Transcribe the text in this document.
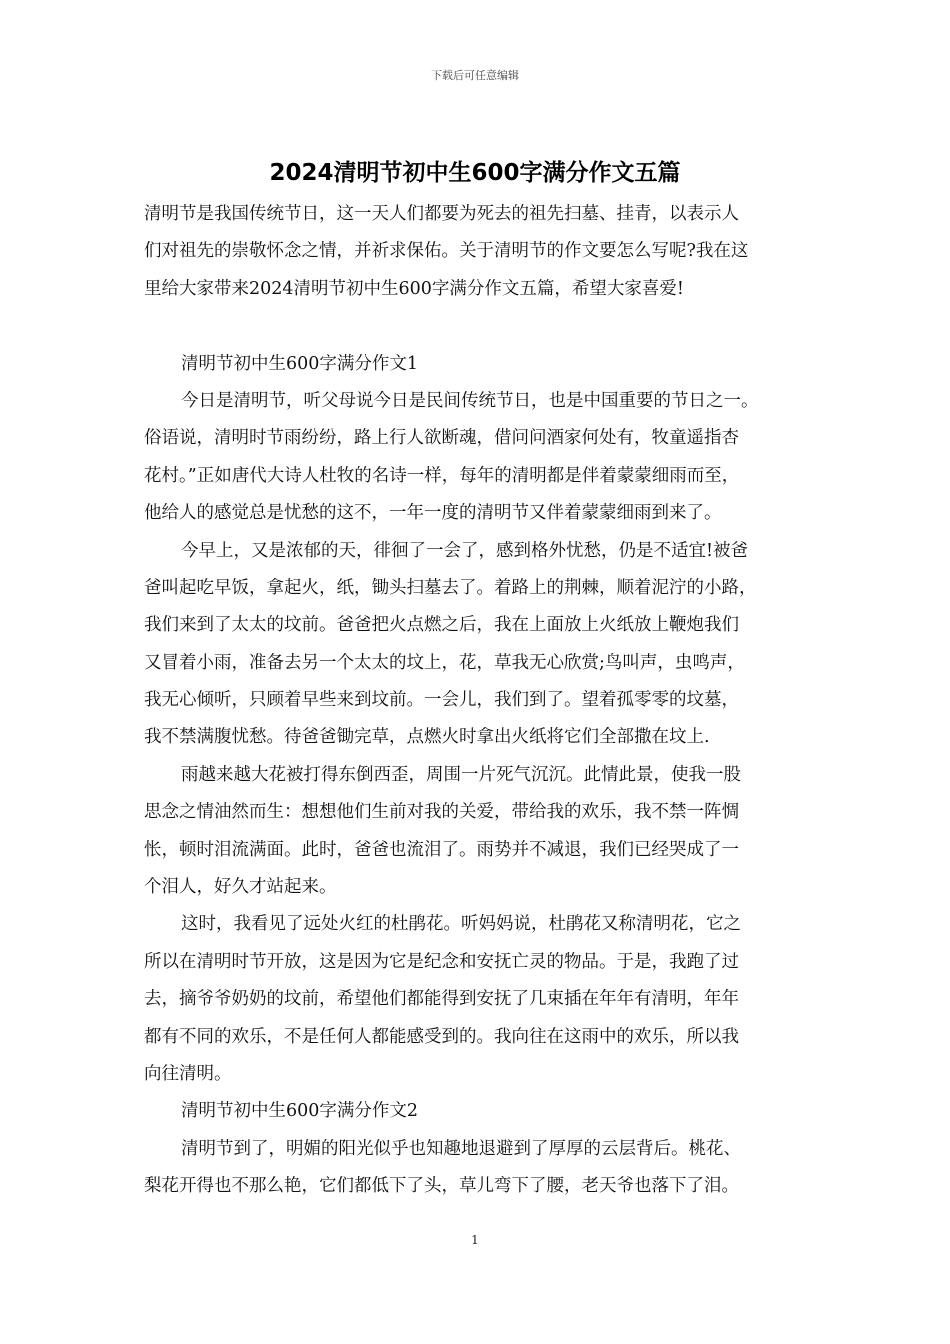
下载后可任意编辑
2024清明节初中生600字满分作文五篇
清明节是我国传统节日，这一天人们都要为死去的祖先扫墓、挂青，以表示人
们对祖先的崇敬怀念之情，并祈求保佑。关于清明节的作文要怎么写呢?我在这
里给大家带来2024清明节初中生600字满分作文五篇，希望大家喜爱!
清明节初中生600字满分作文1
今日是清明节，听父母说今日是民间传统节日，也是中国重要的节日之一。
俗语说，清明时节雨纷纷，路上行人欲断魂，借问问酒家何处有，牧童遥指杏
花村。”正如唐代大诗人杜牧的名诗一样，每年的清明都是伴着蒙蒙细雨而至，
他给人的感觉总是忧愁的这不，一年一度的清明节又伴着蒙蒙细雨到来了。
今早上，又是浓郁的天，徘徊了一会了，感到格外忧愁，仍是不适宜!被爸
爸叫起吃早饭，拿起火，纸，锄头扫墓去了。着路上的荆棘，顺着泥泞的小路，
我们来到了太太的坟前。爸爸把火点燃之后，我在上面放上火纸放上鞭炮我们
又冒着小雨，准备去另一个太太的坟上，花，草我无心欣赏;鸟叫声，虫鸣声，
我无心倾听，只顾着早些来到坟前。一会儿，我们到了。望着孤零零的坟墓，
我不禁满腹忧愁。待爸爸锄完草，点燃火时拿出火纸将它们全部撒在坟上.
雨越来越大花被打得东倒西歪，周围一片死气沉沉。此情此景，使我一股
思念之情油然而生：想想他们生前对我的关爱，带给我的欢乐，我不禁一阵惆
怅，顿时泪流满面。此时，爸爸也流泪了。雨势并不减退，我们已经哭成了一
个泪人，好久才站起来。
这时，我看见了远处火红的杜鹃花。听妈妈说，杜鹃花又称清明花，它之
所以在清明时节开放，这是因为它是纪念和安抚亡灵的物品。于是，我跑了过
去，摘爷爷奶奶的坟前，希望他们都能得到安抚了几束插在年年有清明，年年
都有不同的欢乐，不是任何人都能感受到的。我向往在这雨中的欢乐，所以我
向往清明。
清明节初中生600字满分作文2
清明节到了，明媚的阳光似乎也知趣地退避到了厚厚的云层背后。桃花、
梨花开得也不那么艳，它们都低下了头，草儿弯下了腰，老天爷也落下了泪。
1
